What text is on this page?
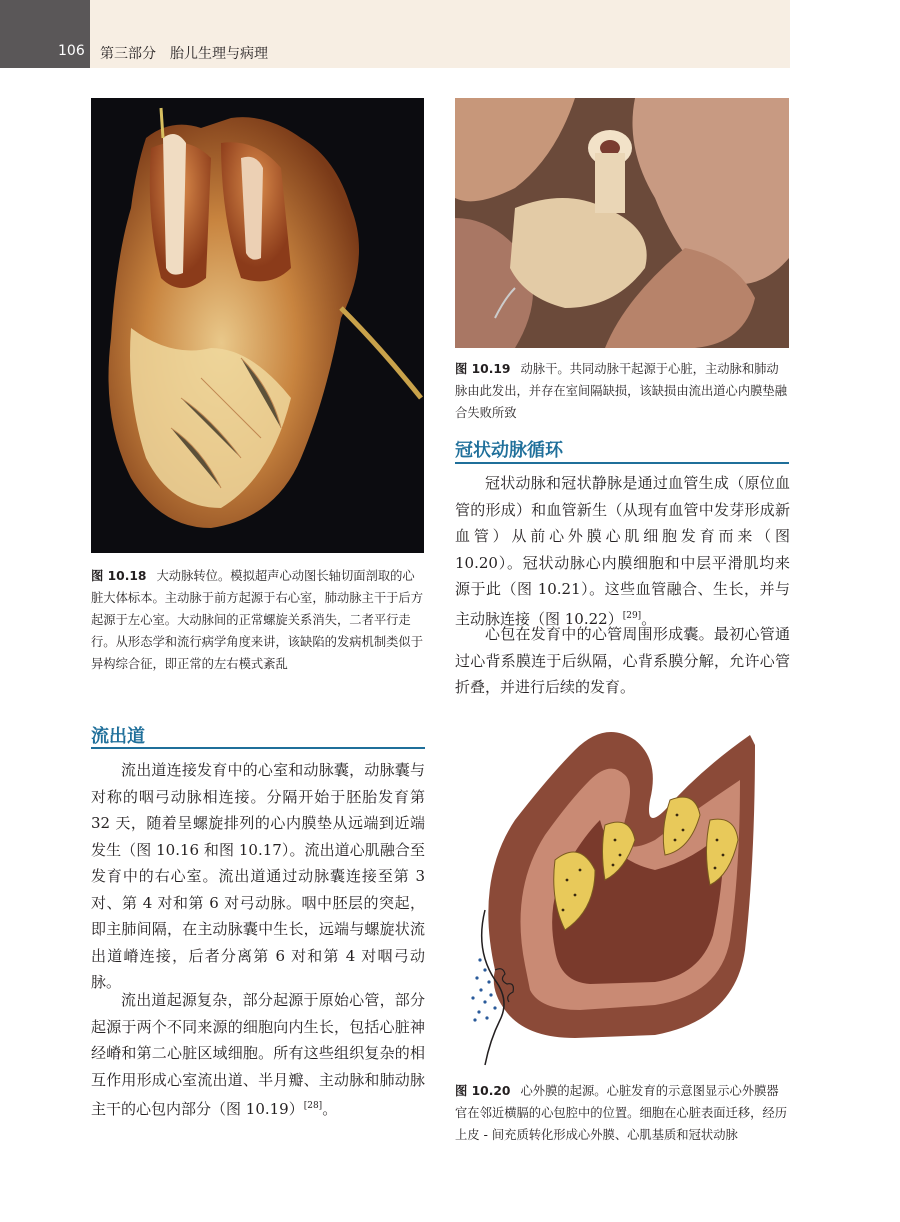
106 第三部分　胎儿生理与病理
图 10.18 大动脉转位。模拟超声心动图长轴切面剖取的心脏大体标本。主动脉于前方起源于右心室，肺动脉主干于后方起源于左心室。大动脉间的正常螺旋关系消失，二者平行走行。从形态学和流行病学角度来讲，该缺陷的发病机制类似于异构综合征，即正常的左右模式紊乱
图 10.19 动脉干。共同动脉干起源于心脏，主动脉和肺动脉由此发出，并存在室间隔缺损，该缺损由流出道心内膜垫融合失败所致
冠状动脉循环

冠状动脉和冠状静脉是通过血管生成（原位血管的形成）和血管新生（从现有血管中发芽形成新血管）从前心外膜心肌细胞发育而来（图 10.20）。冠状动脉心内膜细胞和中层平滑肌均来源于此（图 10.21）。这些血管融合、生长，并与主动脉连接（图 10.22）[29]。

心包在发育中的心管周围形成囊。最初心管通过心背系膜连于后纵隔，心背系膜分解，允许心管折叠，并进行后续的发育。

流出道

流出道连接发育中的心室和动脉囊，动脉囊与对称的咽弓动脉相连接。分隔开始于胚胎发育第 32 天，随着呈螺旋排列的心内膜垫从远端到近端发生（图 10.16 和图 10.17）。流出道心肌融合至发育中的右心室。流出道通过动脉囊连接至第 3 对、第 4 对和第 6 对弓动脉。咽中胚层的突起，即主肺间隔，在主动脉囊中生长，远端与螺旋状流出道嵴连接，后者分离第 6 对和第 4 对咽弓动脉。

流出道起源复杂，部分起源于原始心管，部分起源于两个不同来源的细胞向内生长，包括心脏神经嵴和第二心脏区域细胞。所有这些组织复杂的相互作用形成心室流出道、半月瓣、主动脉和肺动脉主干的心包内部分（图 10.19）[28]。

图 10.20 心外膜的起源。心脏发育的示意图显示心外膜器官在邻近横膈的心包腔中的位置。细胞在心脏表面迁移，经历上皮 - 间充质转化形成心外膜、心肌基质和冠状动脉
